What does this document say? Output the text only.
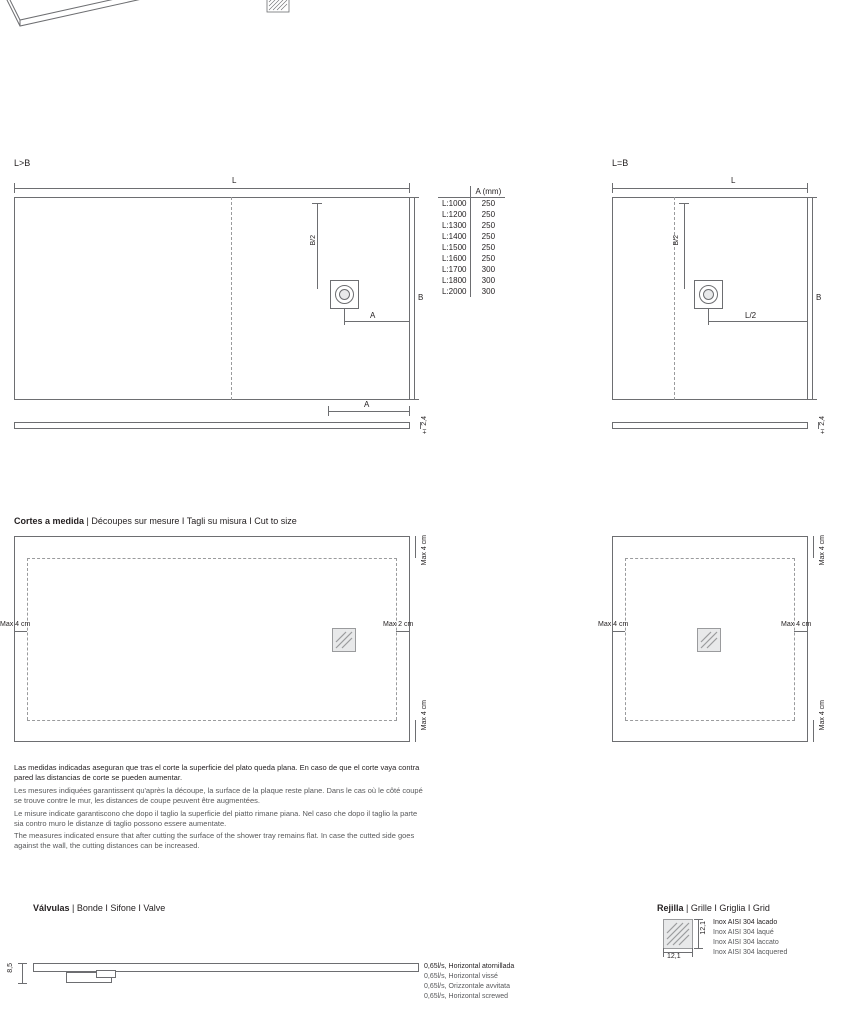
L>B
L
B
B/2
A
A
± 2,4
	A (mm)
L:1000	250
L:1200	250
L:1300	250
L:1400	250
L:1500	250
L:1600	250
L:1700	300
L:1800	300
L:2000	300
L=B
L
B
B/2
L/2
± 2,4
Cortes a medida | Découpes sur mesure I Tagli su misura I Cut to size
Max 4 cm
Max 4 cm
Max 4 cm	Max 2 cm
Max 4 cm
Max 4 cm
Max 4 cm	Max 4 cm
Las medidas indicadas aseguran que tras el corte la superficie del plato queda plana. En caso de que el corte vaya contra pared las distancias de corte se pueden aumentar.
Les mesures indiquées garantissent qu'après la découpe, la surface de la plaque reste plane. Dans le cas où le côté coupé se trouve contre le mur, les distances de coupe peuvent être augmentées.
Le misure indicate garantiscono che dopo il taglio la superficie del piatto rimane piana. Nel caso che dopo il taglio la parte sia contro muro le distanze di taglio possono essere aumentate.
The measures indicated ensure that after cutting the surface of the shower tray remains flat. In case the cutted side goes against the wall, the cutting distances can be increased.
Válvulas | Bonde I Sifone I Valve
8,5	0,65l/s, Horizontal atornillada
0,65l/s, Horizontal vissé
0,65l/s, Orizzontale avvitata
0,65l/s, Horizontal screwed
Rejilla | Grille I Griglia I Grid
12,1
12,1
Inox AISI 304 lacado
Inox AISI 304 laqué
Inox AISI 304 laccato
Inox AISI 304 lacquered
